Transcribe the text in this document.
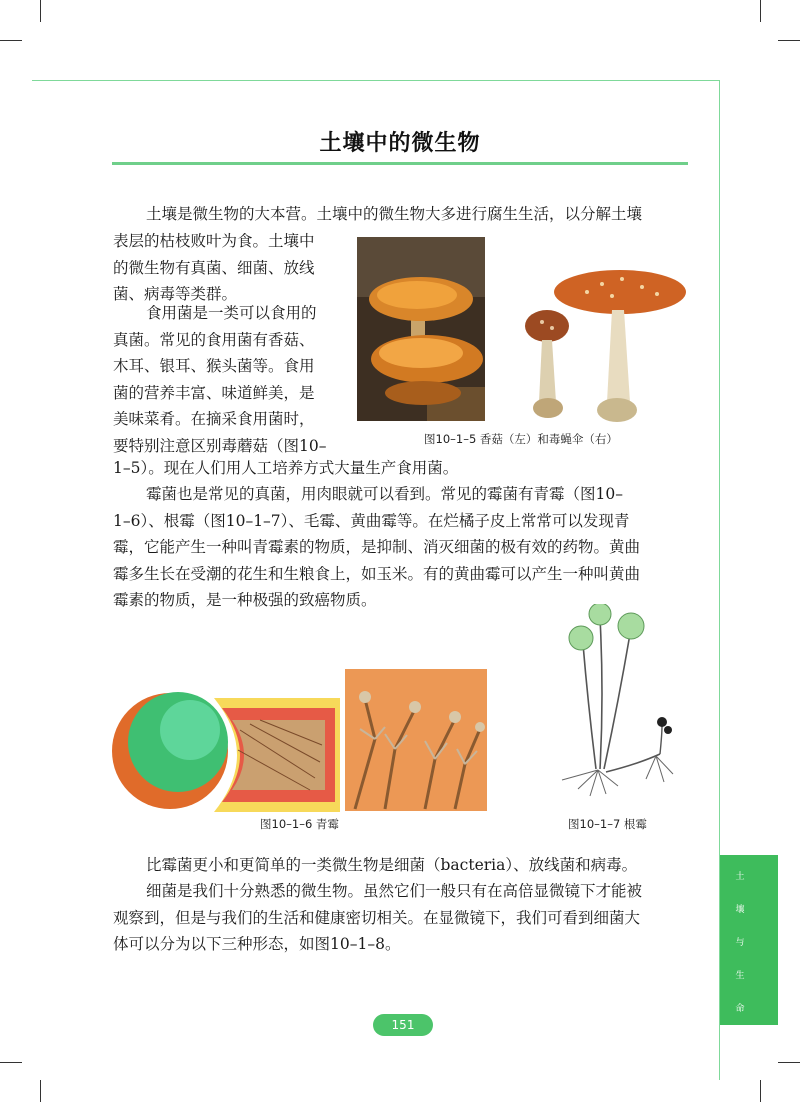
土壤中的微生物
土壤是微生物的大本营。土壤中的微生物大多进行腐生生活，以分解土壤
表层的枯枝败叶为食。土壤中
的微生物有真菌、细菌、放线
菌、病毒等类群。
食用菌是一类可以食用的
真菌。常见的食用菌有香菇、
木耳、银耳、猴头菌等。食用
菌的营养丰富、味道鲜美，是
美味菜肴。在摘采食用菌时，
要特别注意区别毒蘑菇（图10–
1–5）。现在人们用人工培养方式大量生产食用菌。
图10–1–5 香菇（左）和毒蝇伞（右）
霉菌也是常见的真菌，用肉眼就可以看到。常见的霉菌有青霉（图10–
1–6）、根霉（图10–1–7）、毛霉、黄曲霉等。在烂橘子皮上常常可以发现青
霉，它能产生一种叫青霉素的物质，是抑制、消灭细菌的极有效的药物。黄曲
霉多生长在受潮的花生和生粮食上，如玉米。有的黄曲霉可以产生一种叫黄曲
霉素的物质，是一种极强的致癌物质。
图10–1–6 青霉	图10–1–7 根霉
比霉菌更小和更简单的一类微生物是细菌（bacteria）、放线菌和病毒。
细菌是我们十分熟悉的微生物。虽然它们一般只有在高倍显微镜下才能被
观察到，但是与我们的生活和健康密切相关。在显微镜下，我们可看到细菌大
体可以分为以下三种形态，如图10–1–8。
土
壤
与
生
命
151
